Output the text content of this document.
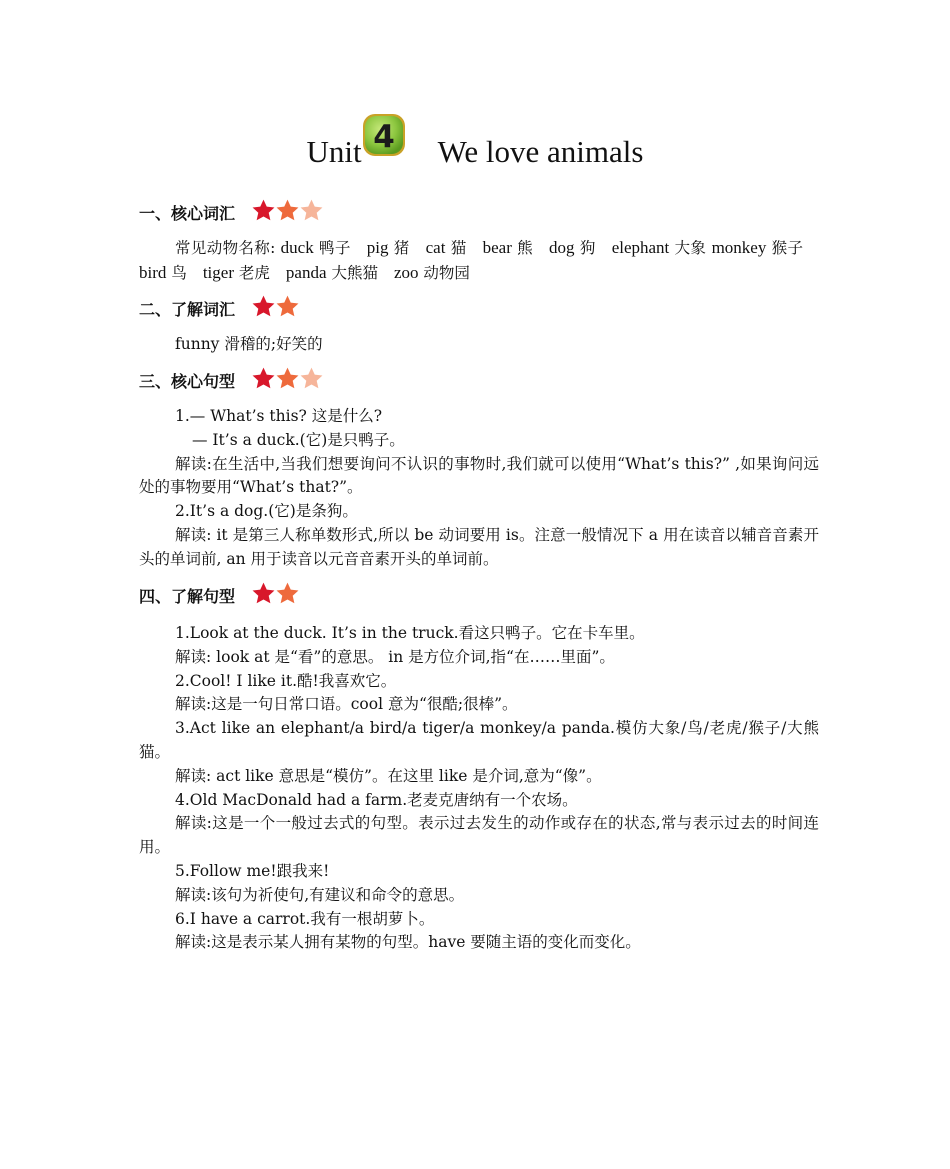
Unit 4 We love animals
一、核心词汇
常见动物名称: duck 鸭子 pig 猪 cat 猫 bear 熊 dog 狗 elephant 大象 monkey 猴子bird 鸟 tiger 老虎 panda 大熊猫 zoo 动物园
二、了解词汇
funny 滑稽的;好笑的
三、核心句型
1.— What’s this? 这是什么?
— It’s a duck.(它)是只鸭子。
解读:在生活中,当我们想要询问不认识的事物时,我们就可以使用“What’s this?” ,如果询问远处的事物要用“What’s that?”。
2.It’s a dog.(它)是条狗。
解读: it 是第三人称单数形式,所以 be 动词要用 is。注意一般情况下 a 用在读音以辅音音素开头的单词前, an 用于读音以元音音素开头的单词前。
四、了解句型
1.Look at the duck. It’s in the truck.看这只鸭子。它在卡车里。
解读: look at 是“看”的意思。 in 是方位介词,指“在……里面”。
2.Cool! I like it.酷!我喜欢它。
解读:这是一句日常口语。cool 意为“很酷;很棒”。
3.Act like an elephant/a bird/a tiger/a monkey/a panda.模仿大象/鸟/老虎/猴子/大熊猫。
解读: act like 意思是“模仿”。在这里 like 是介词,意为“像”。
4.Old MacDonald had a farm.老麦克唐纳有一个农场。
解读:这是一个一般过去式的句型。表示过去发生的动作或存在的状态,常与表示过去的时间连用。
5.Follow me!跟我来!
解读:该句为祈使句,有建议和命令的意思。
6.I have a carrot.我有一根胡萝卜。
解读:这是表示某人拥有某物的句型。have 要随主语的变化而变化。
